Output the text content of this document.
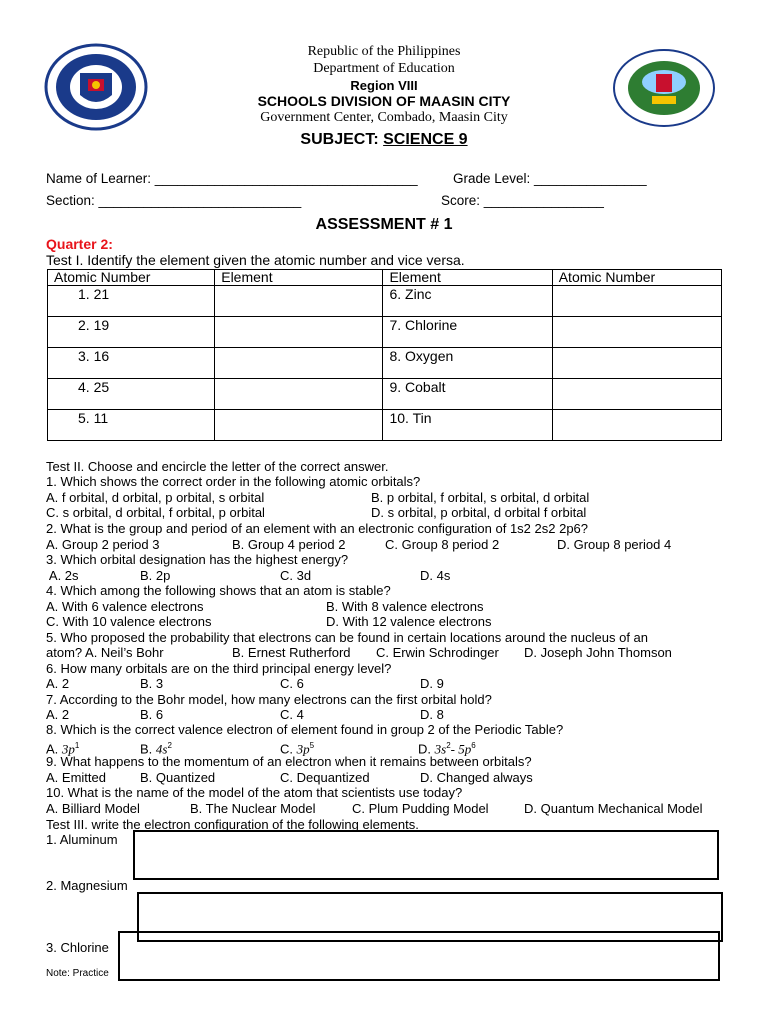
Republic of the Philippines
Department of Education
Region VIII
SCHOOLS DIVISION OF MAASIN CITY
Government Center, Combado, Maasin City
SUBJECT: SCIENCE 9
Name of Learner: ___________________________________	Grade Level: _______________
Section: ___________________________	Score: ________________
ASSESSMENT # 1
Quarter 2:
Test I. Identify the element given the atomic number and vice versa.
Atomic Number	Element	Element	Atomic Number
1. 21		6. Zinc	
2. 19		7. Chlorine	
3. 16		8. Oxygen	
4. 25		9. Cobalt	
5. 11		10. Tin	
Test II. Choose and encircle the letter of the correct answer.
1. Which shows the correct order in the following atomic orbitals?
A. f orbital, d orbital, p orbital, s orbital	B. p orbital, f orbital, s orbital, d orbital
C. s orbital, d orbital, f orbital, p orbital	D. s orbital, p orbital, d orbital f orbital
2. What is the group and period of an element with an electronic configuration of 1s2 2s2 2p6?
A. Group 2 period 3	B. Group 4 period 2	C. Group 8 period 2	D. Group 8 period 4
3. Which orbital designation has the highest energy?
A. 2s	B. 2p	C. 3d	D. 4s
4. Which among the following shows that an atom is stable?
A. With 6 valence electrons	B. With 8 valence electrons
C. With 10 valence electrons	D. With 12 valence electrons
5. Who proposed the probability that electrons can be found in certain locations around the nucleus of an
atom? A. Neil’s Bohr	B. Ernest Rutherford C. Erwin Schrodinger D. Joseph John Thomson
6. How many orbitals are on the third principal energy level?
A. 2	B. 3	C. 6	D. 9
7. According to the Bohr model, how many electrons can the first orbital hold?
A. 2	B. 6	C. 4	D. 8
8. Which is the correct valence electron of element found in group 2 of the Periodic Table?
A. $3p^1$	B. $4s^2$	C. $3p^5$	D. $3s^2-$ $5p^6$
9. What happens to the momentum of an electron when it remains between orbitals?
A. Emitted	B. Quantized	C. Dequantized	D. Changed always
10. What is the name of the model of the atom that scientists use today?
A. Billiard Model	B. The Nuclear Model	C. Plum Pudding Model	D. Quantum Mechanical Model
Test III. write the electron configuration of the following elements.
1. Aluminum
2. Magnesium
3. Chlorine
Note: Practice
